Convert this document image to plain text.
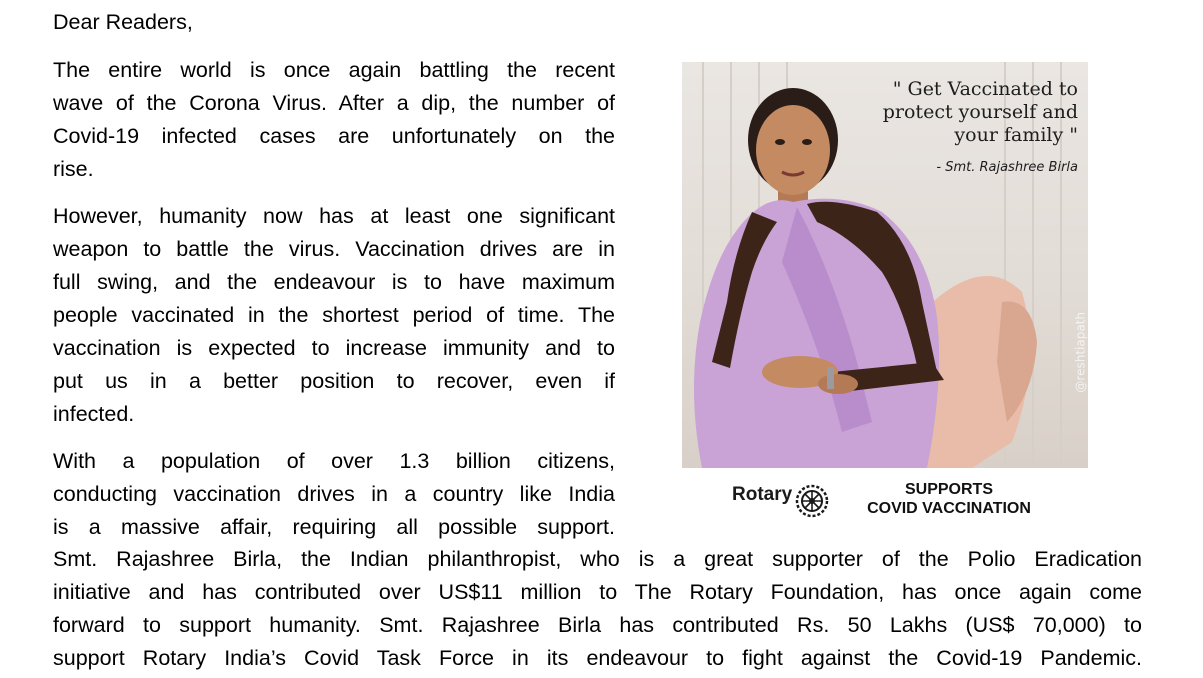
Dear Readers,
The entire world is once again battling the recent
wave of the Corona Virus. After a dip, the number of
Covid-19 infected cases are unfortunately on the
rise.
However, humanity now has at least one significant
weapon to battle the virus. Vaccination drives are in
full swing, and the endeavour is to have maximum
people vaccinated in the shortest period of time. The
vaccination is expected to increase immunity and to
put us in a better position to recover, even if
infected.
With a population of over 1.3 billion citizens,
conducting vaccination drives in a country like India
is a massive affair, requiring all possible support.
Smt. Rajashree Birla, the Indian philanthropist, who is a great supporter of the Polio Eradication
initiative and has contributed over US$11 million to The Rotary Foundation, has once again come
forward to support humanity. Smt. Rajashree Birla has contributed Rs. 50 Lakhs (US$ 70,000) to
support Rotary India’s Covid Task Force in its endeavour to fight against the Covid-19 Pandemic.
" Get Vaccinated to
protect yourself and
your family "
- Smt. Rajashree Birla
@reshtiapath
Rotary	SUPPORTS
COVID VACCINATION
